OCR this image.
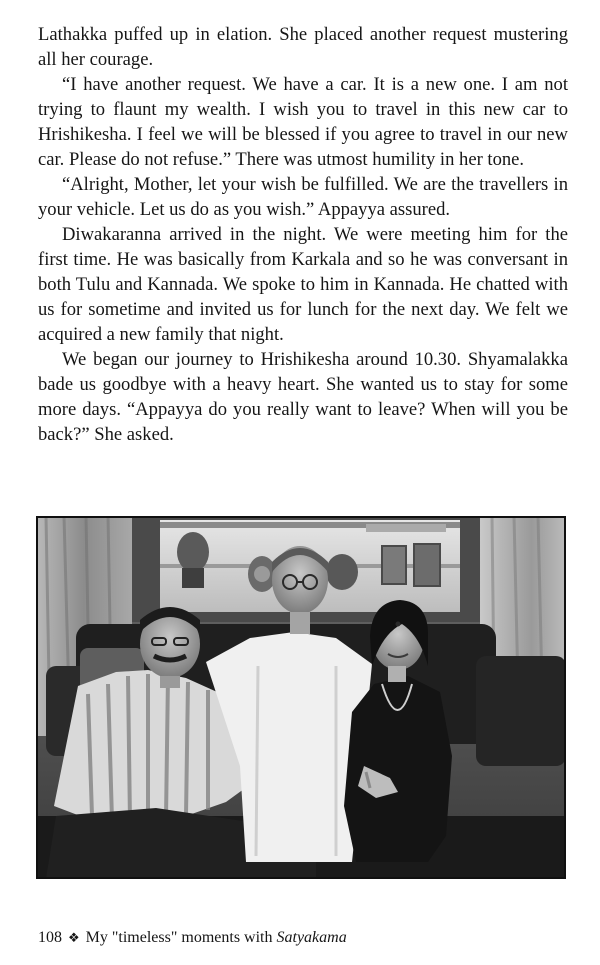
Lathakka puffed up in elation. She placed another request mustering all her courage.

“I have another request. We have a car. It is a new one. I am not trying to flaunt my wealth. I wish you to travel in this new car to Hrishikesha. I feel we will be blessed if you agree to travel in our new car. Please do not refuse.” There was utmost humility in her tone.

“Alright, Mother, let your wish be fulfilled. We are the travellers in your vehicle. Let us do as you wish.” Appayya assured.

Diwakaranna arrived in the night. We were meeting him for the first time. He was basically from Karkala and so he was conversant in both Tulu and Kannada. We spoke to him in Kannada. He chatted with us for sometime and invited us for lunch for the next day. We felt we acquired a new family that night.

We began our journey to Hrishikesha around 10.30. Shyamalakka bade us goodbye with a heavy heart. She wanted us to stay for some more days. “Appayya do you really want to leave? When will you be back?” She asked.

108 ❖ My "timeless" moments with Satyakama
